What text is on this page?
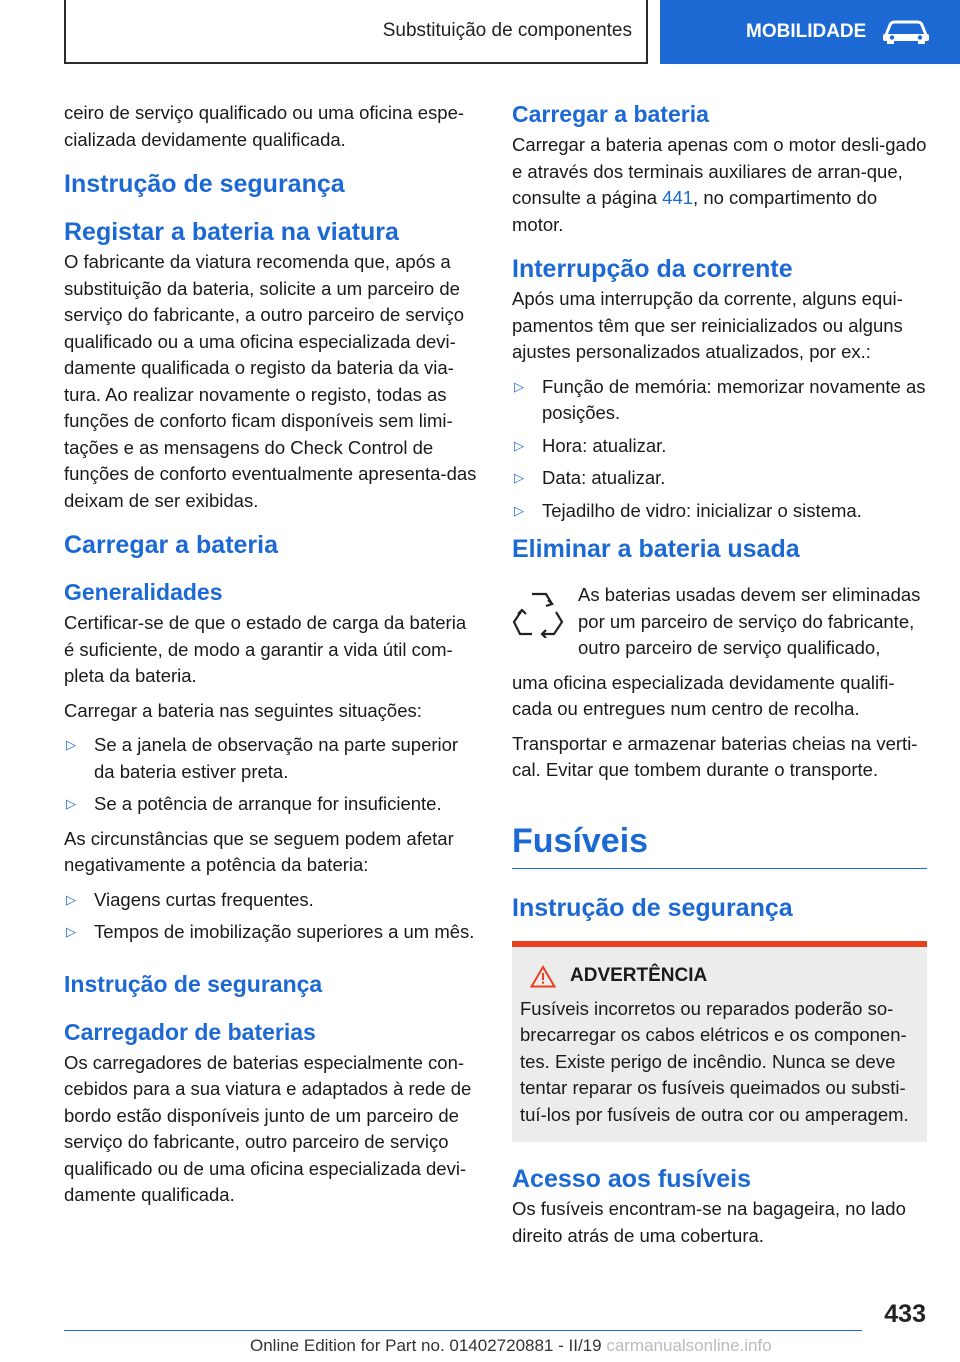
Substituição de componentes	MOBILIDADE

ceiro de serviço qualificado ou uma oficina espe-cializada devidamente qualificada.

Instrução de segurança
Registar a bateria na viatura

O fabricante da viatura recomenda que, após a substituição da bateria, solicite a um parceiro de serviço do fabricante, a outro parceiro de serviço qualificado ou a uma oficina especializada devi-damente qualificada o registo da bateria da via-tura. Ao realizar novamente o registo, todas as funções de conforto ficam disponíveis sem limi-tações e as mensagens do Check Control de funções de conforto eventualmente apresenta-das deixam de ser exibidas.

Carregar a bateria
Generalidades

Certificar-se de que o estado de carga da bateria é suficiente, de modo a garantir a vida útil com-pleta da bateria.

Carregar a bateria nas seguintes situações:

▷ Se a janela de observação na parte superior da bateria estiver preta.
▷ Se a potência de arranque for insuficiente.

As circunstâncias que se seguem podem afetar negativamente a potência da bateria:

▷ Viagens curtas frequentes.
▷ Tempos de imobilização superiores a um mês.
Instrução de segurança
Carregador de baterias

Os carregadores de baterias especialmente con-cebidos para a sua viatura e adaptados à rede de bordo estão disponíveis junto de um parceiro de serviço do fabricante, outro parceiro de serviço qualificado ou de uma oficina especializada devi-damente qualificada.

Carregar a bateria

Carregar a bateria apenas com o motor desli-gado e através dos terminais auxiliares de arran-que, consulte a página 441, no compartimento do motor.

Interrupção da corrente

Após uma interrupção da corrente, alguns equi-pamentos têm que ser reinicializados ou alguns ajustes personalizados atualizados, por ex.:

▷ Função de memória: memorizar novamente as posições.
▷ Hora: atualizar.
▷ Data: atualizar.
▷ Tejadilho de vidro: inicializar o sistema.
Eliminar a bateria usada

As baterias usadas devem ser eliminadas por um parceiro de serviço do fabricante, outro parceiro de serviço qualificado,

uma oficina especializada devidamente qualifi-cada ou entregues num centro de recolha.

Transportar e armazenar baterias cheias na verti-cal. Evitar que tombem durante o transporte.

Fusíveis
Instrução de segurança
ADVERTÊNCIA

Fusíveis incorretos ou reparados poderão so-brecarregar os cabos elétricos e os componen-tes. Existe perigo de incêndio. Nunca se deve tentar reparar os fusíveis queimados ou substi-tuí-los por fusíveis de outra cor ou amperagem.

Acesso aos fusíveis

Os fusíveis encontram-se na bagageira, no lado direito atrás de uma cobertura.

433
Online Edition for Part no. 01402720881 - II/19 carmanualsonline.info
